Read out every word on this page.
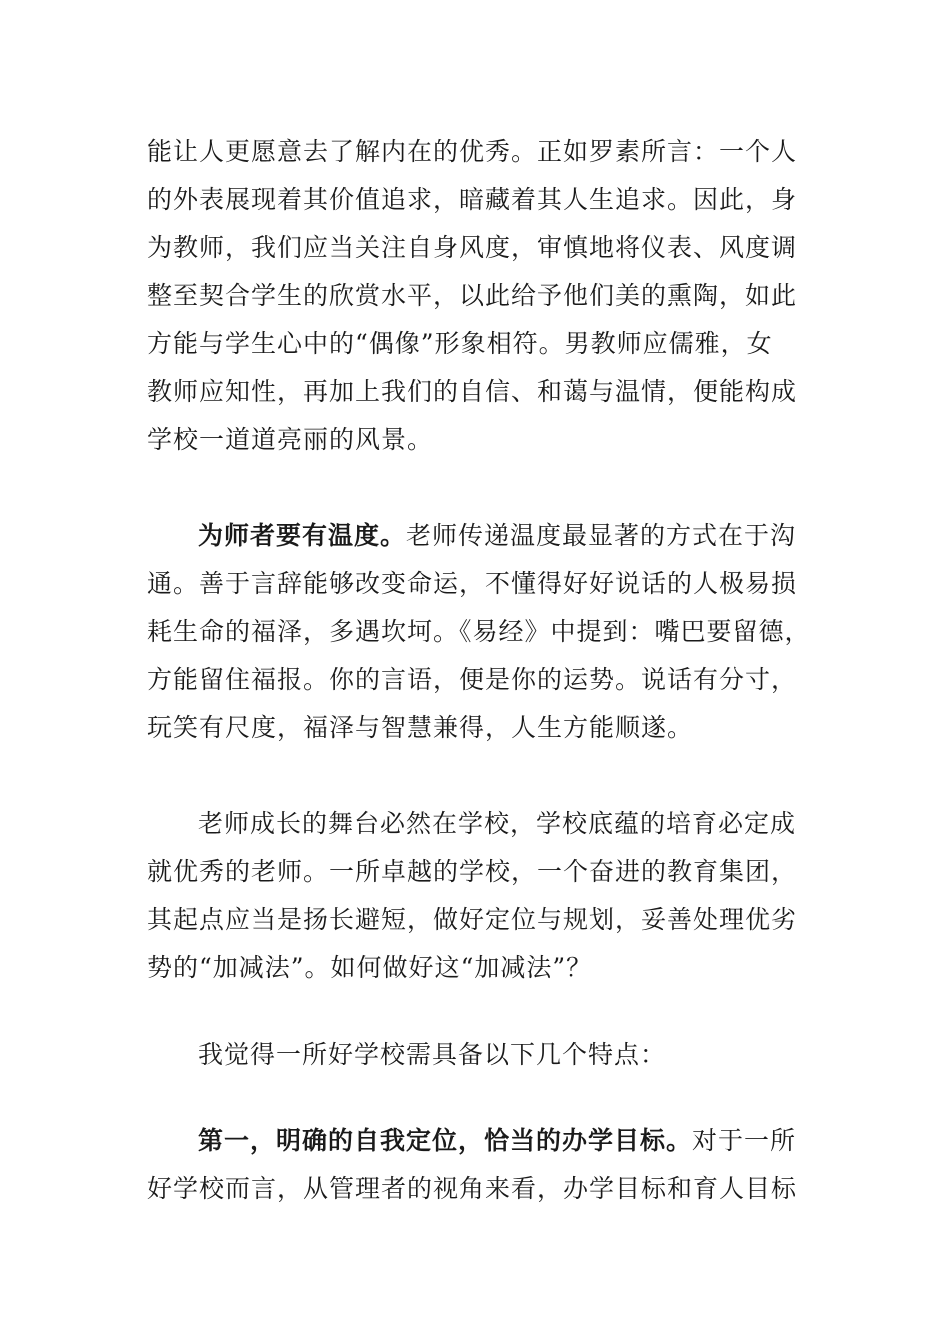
能让人更愿意去了解内在的优秀。正如罗素所言：一个人
的外表展现着其价值追求，暗藏着其人生追求。因此，身
为教师，我们应当关注自身风度，审慎地将仪表、风度调
整至契合学生的欣赏水平，以此给予他们美的熏陶，如此
方能与学生心中的“偶像”形象相符。男教师应儒雅，女
教师应知性，再加上我们的自信、和蔼与温情，便能构成
学校一道道亮丽的风景。

为师者要有温度。老师传递温度最显著的方式在于沟
通。善于言辞能够改变命运，不懂得好好说话的人极易损
耗生命的福泽，多遇坎坷。《易经》中提到：嘴巴要留德，
方能留住福报。你的言语，便是你的运势。说话有分寸，
玩笑有尺度，福泽与智慧兼得，人生方能顺遂。

老师成长的舞台必然在学校，学校底蕴的培育必定成
就优秀的老师。一所卓越的学校，一个奋进的教育集团，
其起点应当是扬长避短，做好定位与规划，妥善处理优劣
势的“加减法”。如何做好这“加减法”？

我觉得一所好学校需具备以下几个特点：

第一，明确的自我定位，恰当的办学目标。对于一所
好学校而言，从管理者的视角来看，办学目标和育人目标
